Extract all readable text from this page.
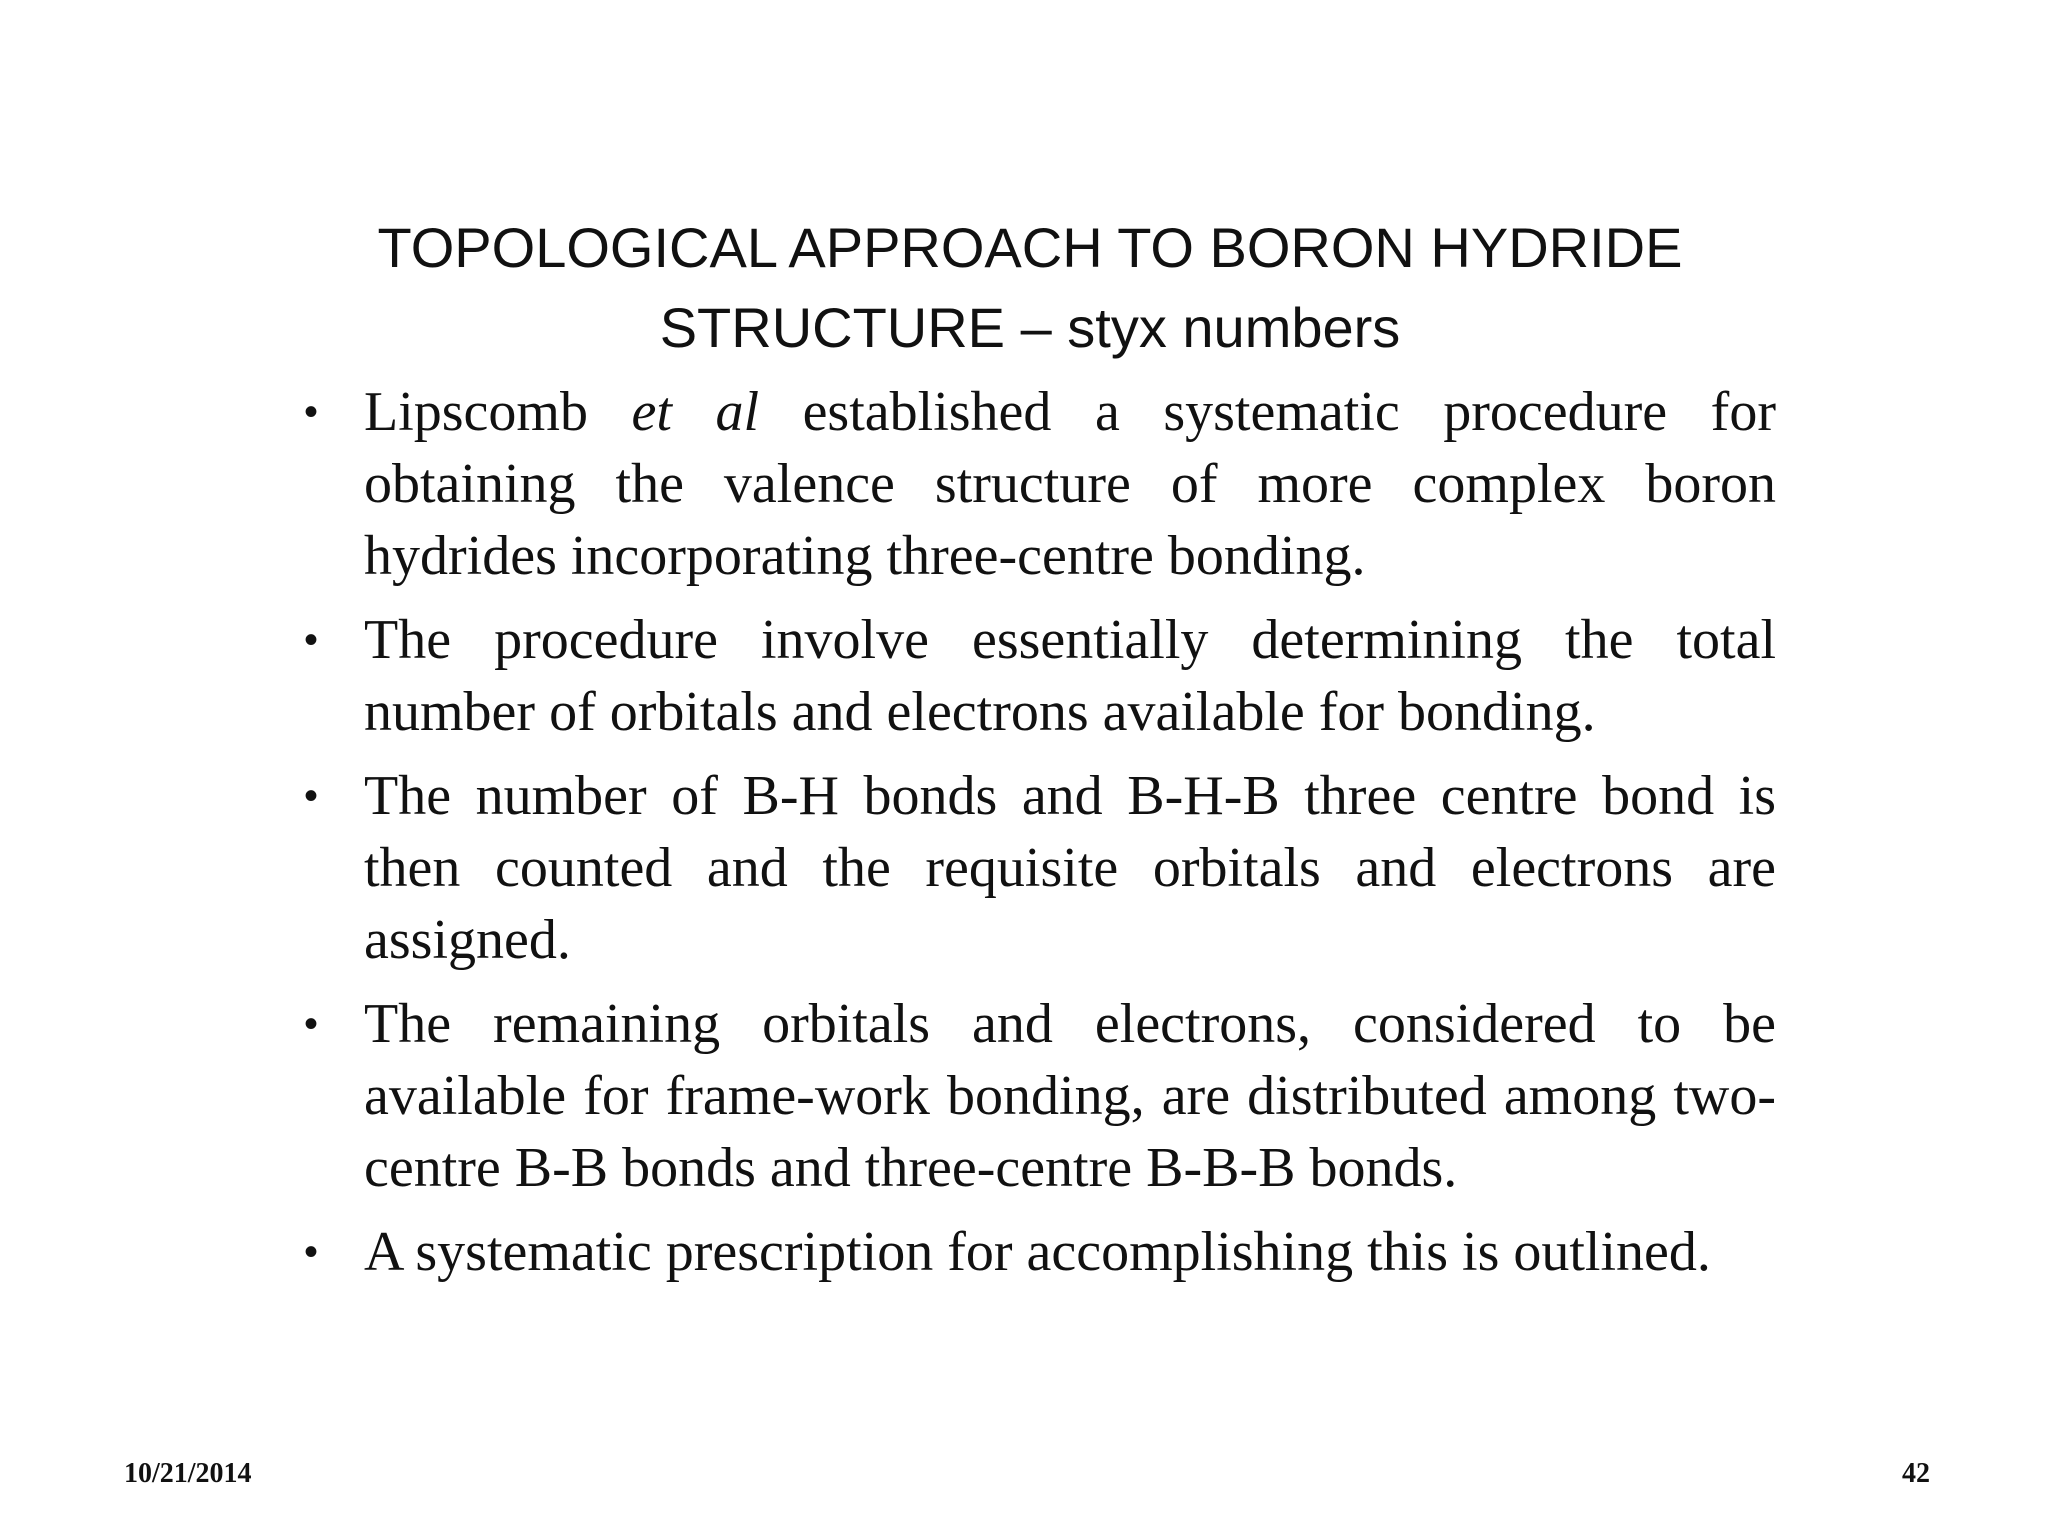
TOPOLOGICAL APPROACH TO BORON HYDRIDE
STRUCTURE – styx numbers
• Lipscomb et al established a systematic procedure for obtaining the valence structure of more complex boron hydrides incorporating three-centre bonding.
• The procedure involve essentially determining the total number of orbitals and electrons available for bonding.
• The number of B-H bonds and B-H-B three centre bond is then counted and the requisite orbitals and electrons are assigned.
• The remaining orbitals and electrons, considered to be available for frame-work bonding, are distributed among two-centre B-B bonds and three-centre B-B-B bonds.
• A systematic prescription for accomplishing this is outlined.
10/21/2014	42
